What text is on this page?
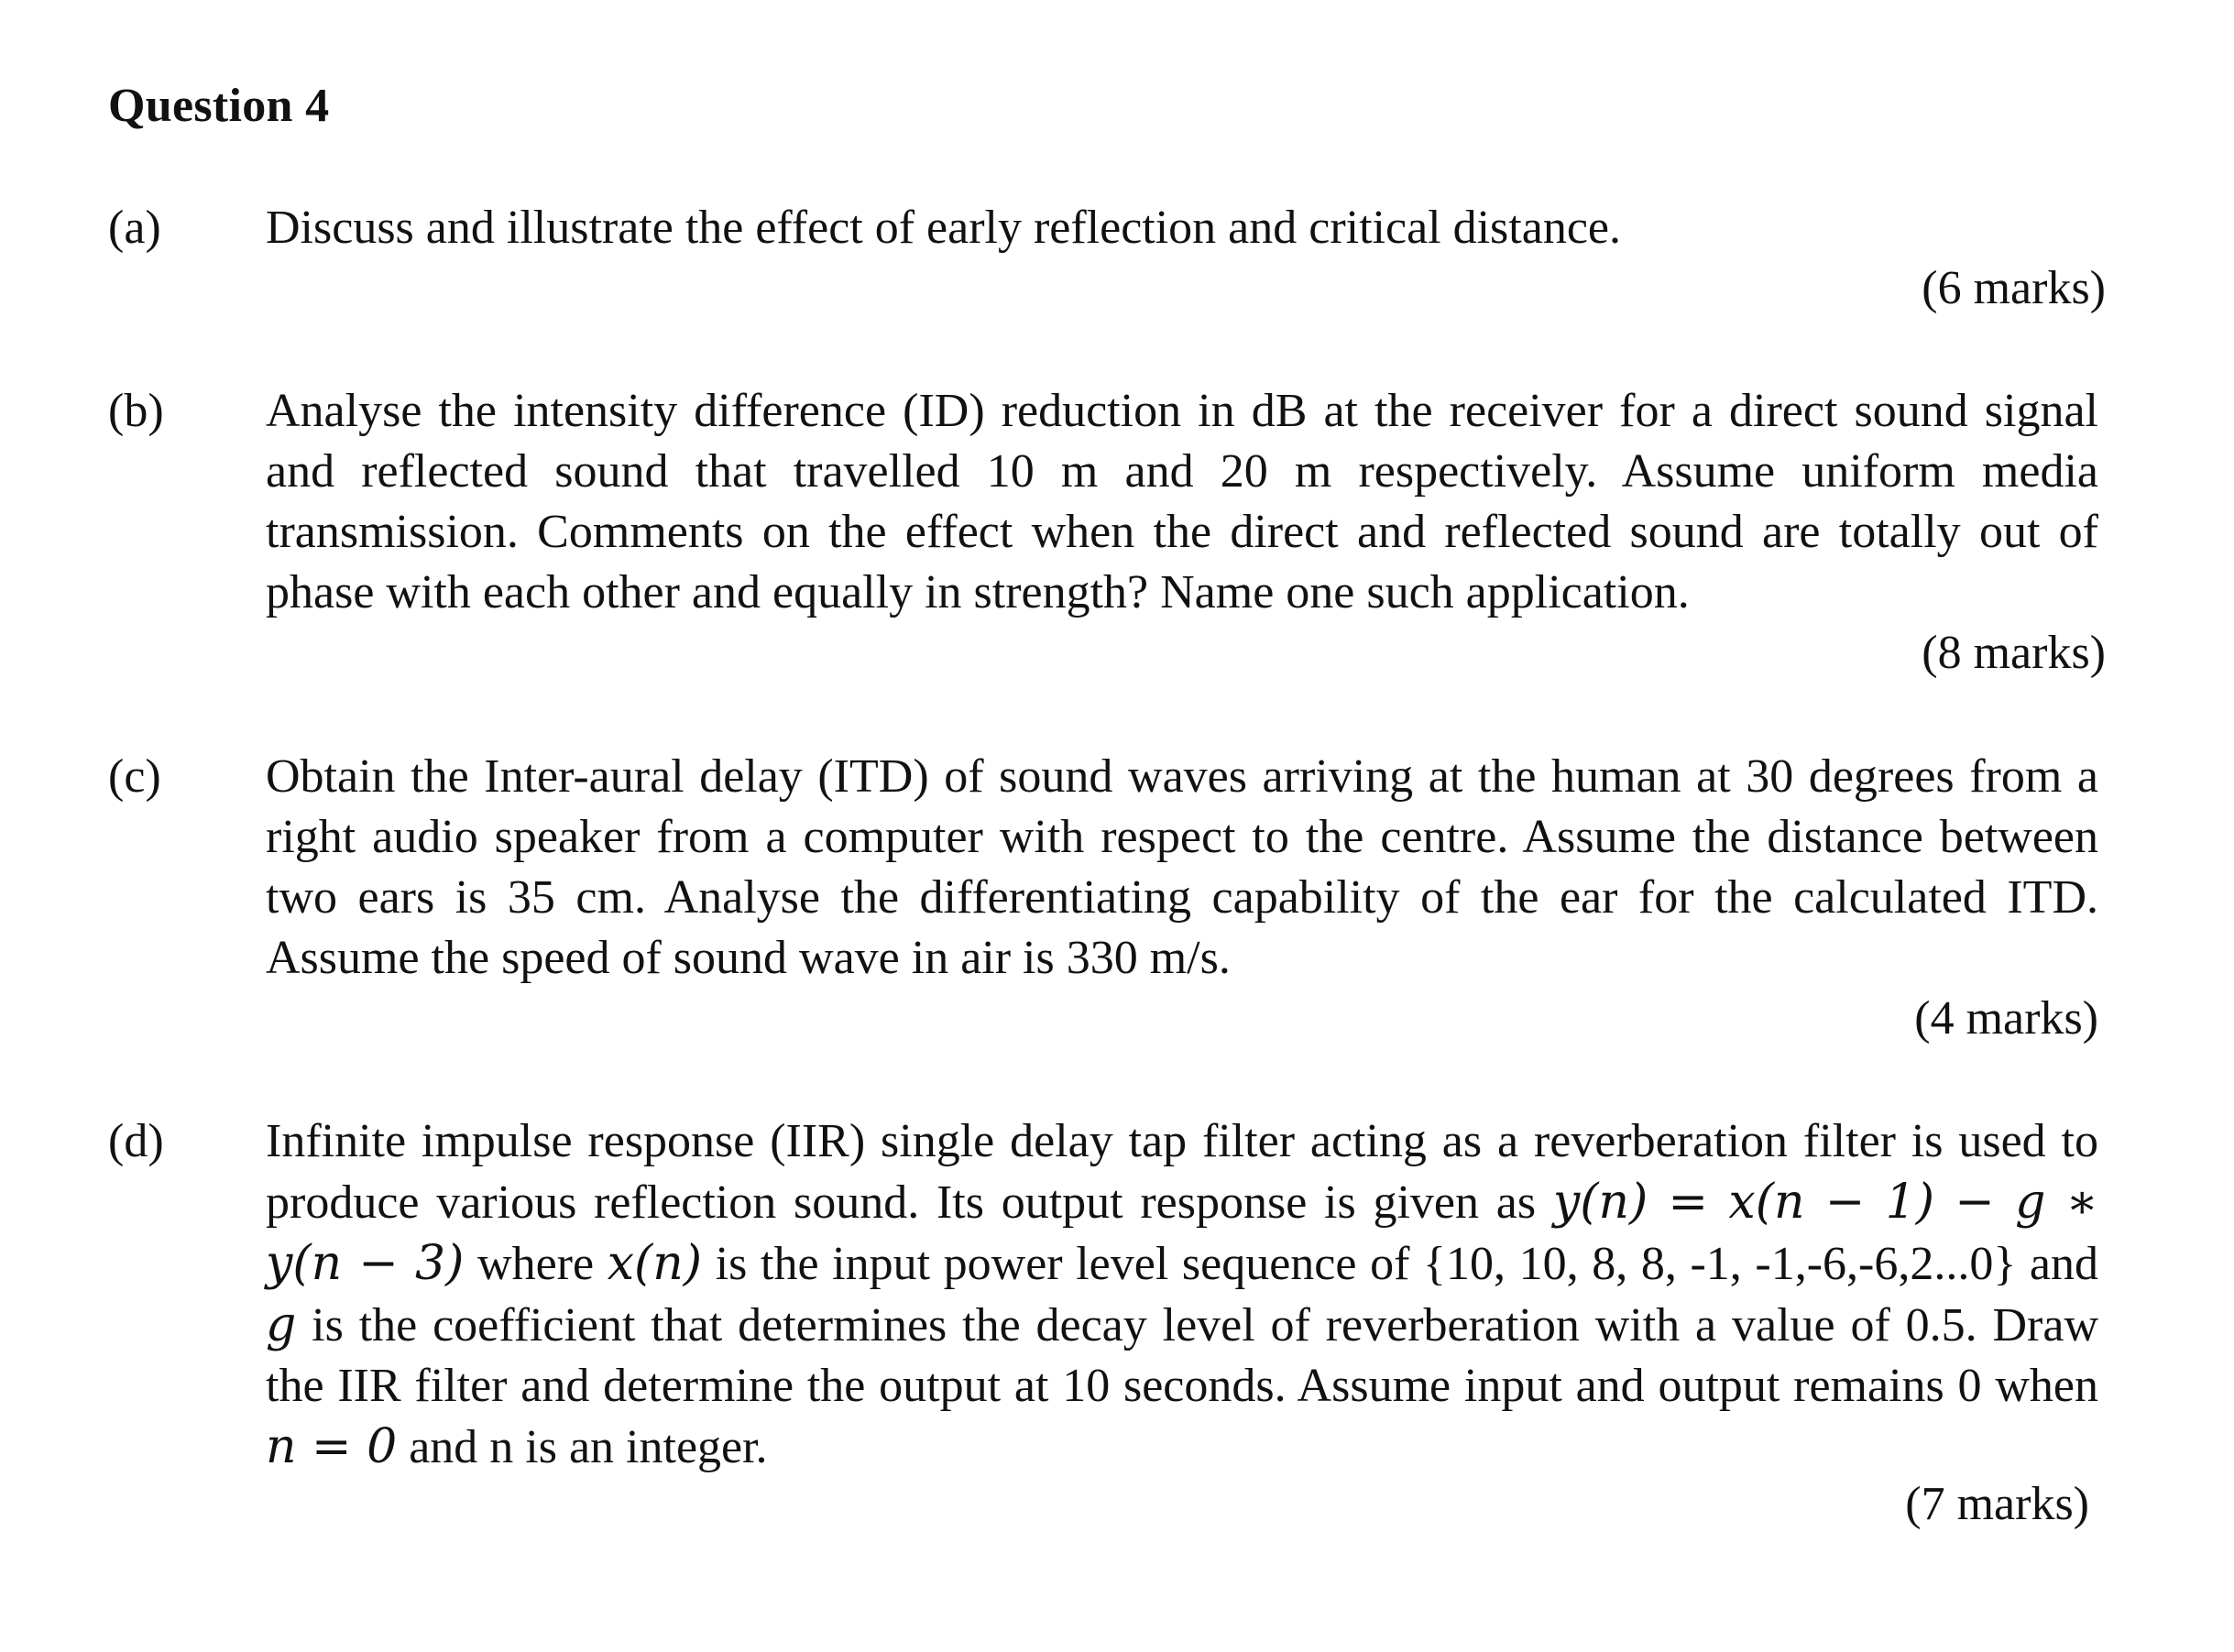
Question 4
(a) Discuss and illustrate the effect of early reflection and critical distance.

(6 marks)
(b) Analyse the intensity difference (ID) reduction in dB at the receiver for a direct sound signal and reflected sound that travelled 10 m and 20 m respectively. Assume uniform media transmission. Comments on the effect when the direct and reflected sound are totally out of phase with each other and equally in strength? Name one such application.

(8 marks)
(c) Obtain the Inter-aural delay (ITD) of sound waves arriving at the human at 30 degrees from a right audio speaker from a computer with respect to the centre. Assume the distance between two ears is 35 cm. Analyse the differentiating capability of the ear for the calculated ITD. Assume the speed of sound wave in air is 330 m/s.

(4 marks)
(d) Infinite impulse response (IIR) single delay tap filter acting as a reverberation filter is used to produce various reflection sound. Its output response is given as y(n) = x(n − 1) − g ∗ y(n − 3) where x(n) is the input power level sequence of {10, 10, 8, 8, -1, -1,-6,-6,2...0} and g is the coefficient that determines the decay level of reverberation with a value of 0.5. Draw the IIR filter and determine the output at 10 seconds. Assume input and output remains 0 when n = 0 and n is an integer.

(7 marks)
